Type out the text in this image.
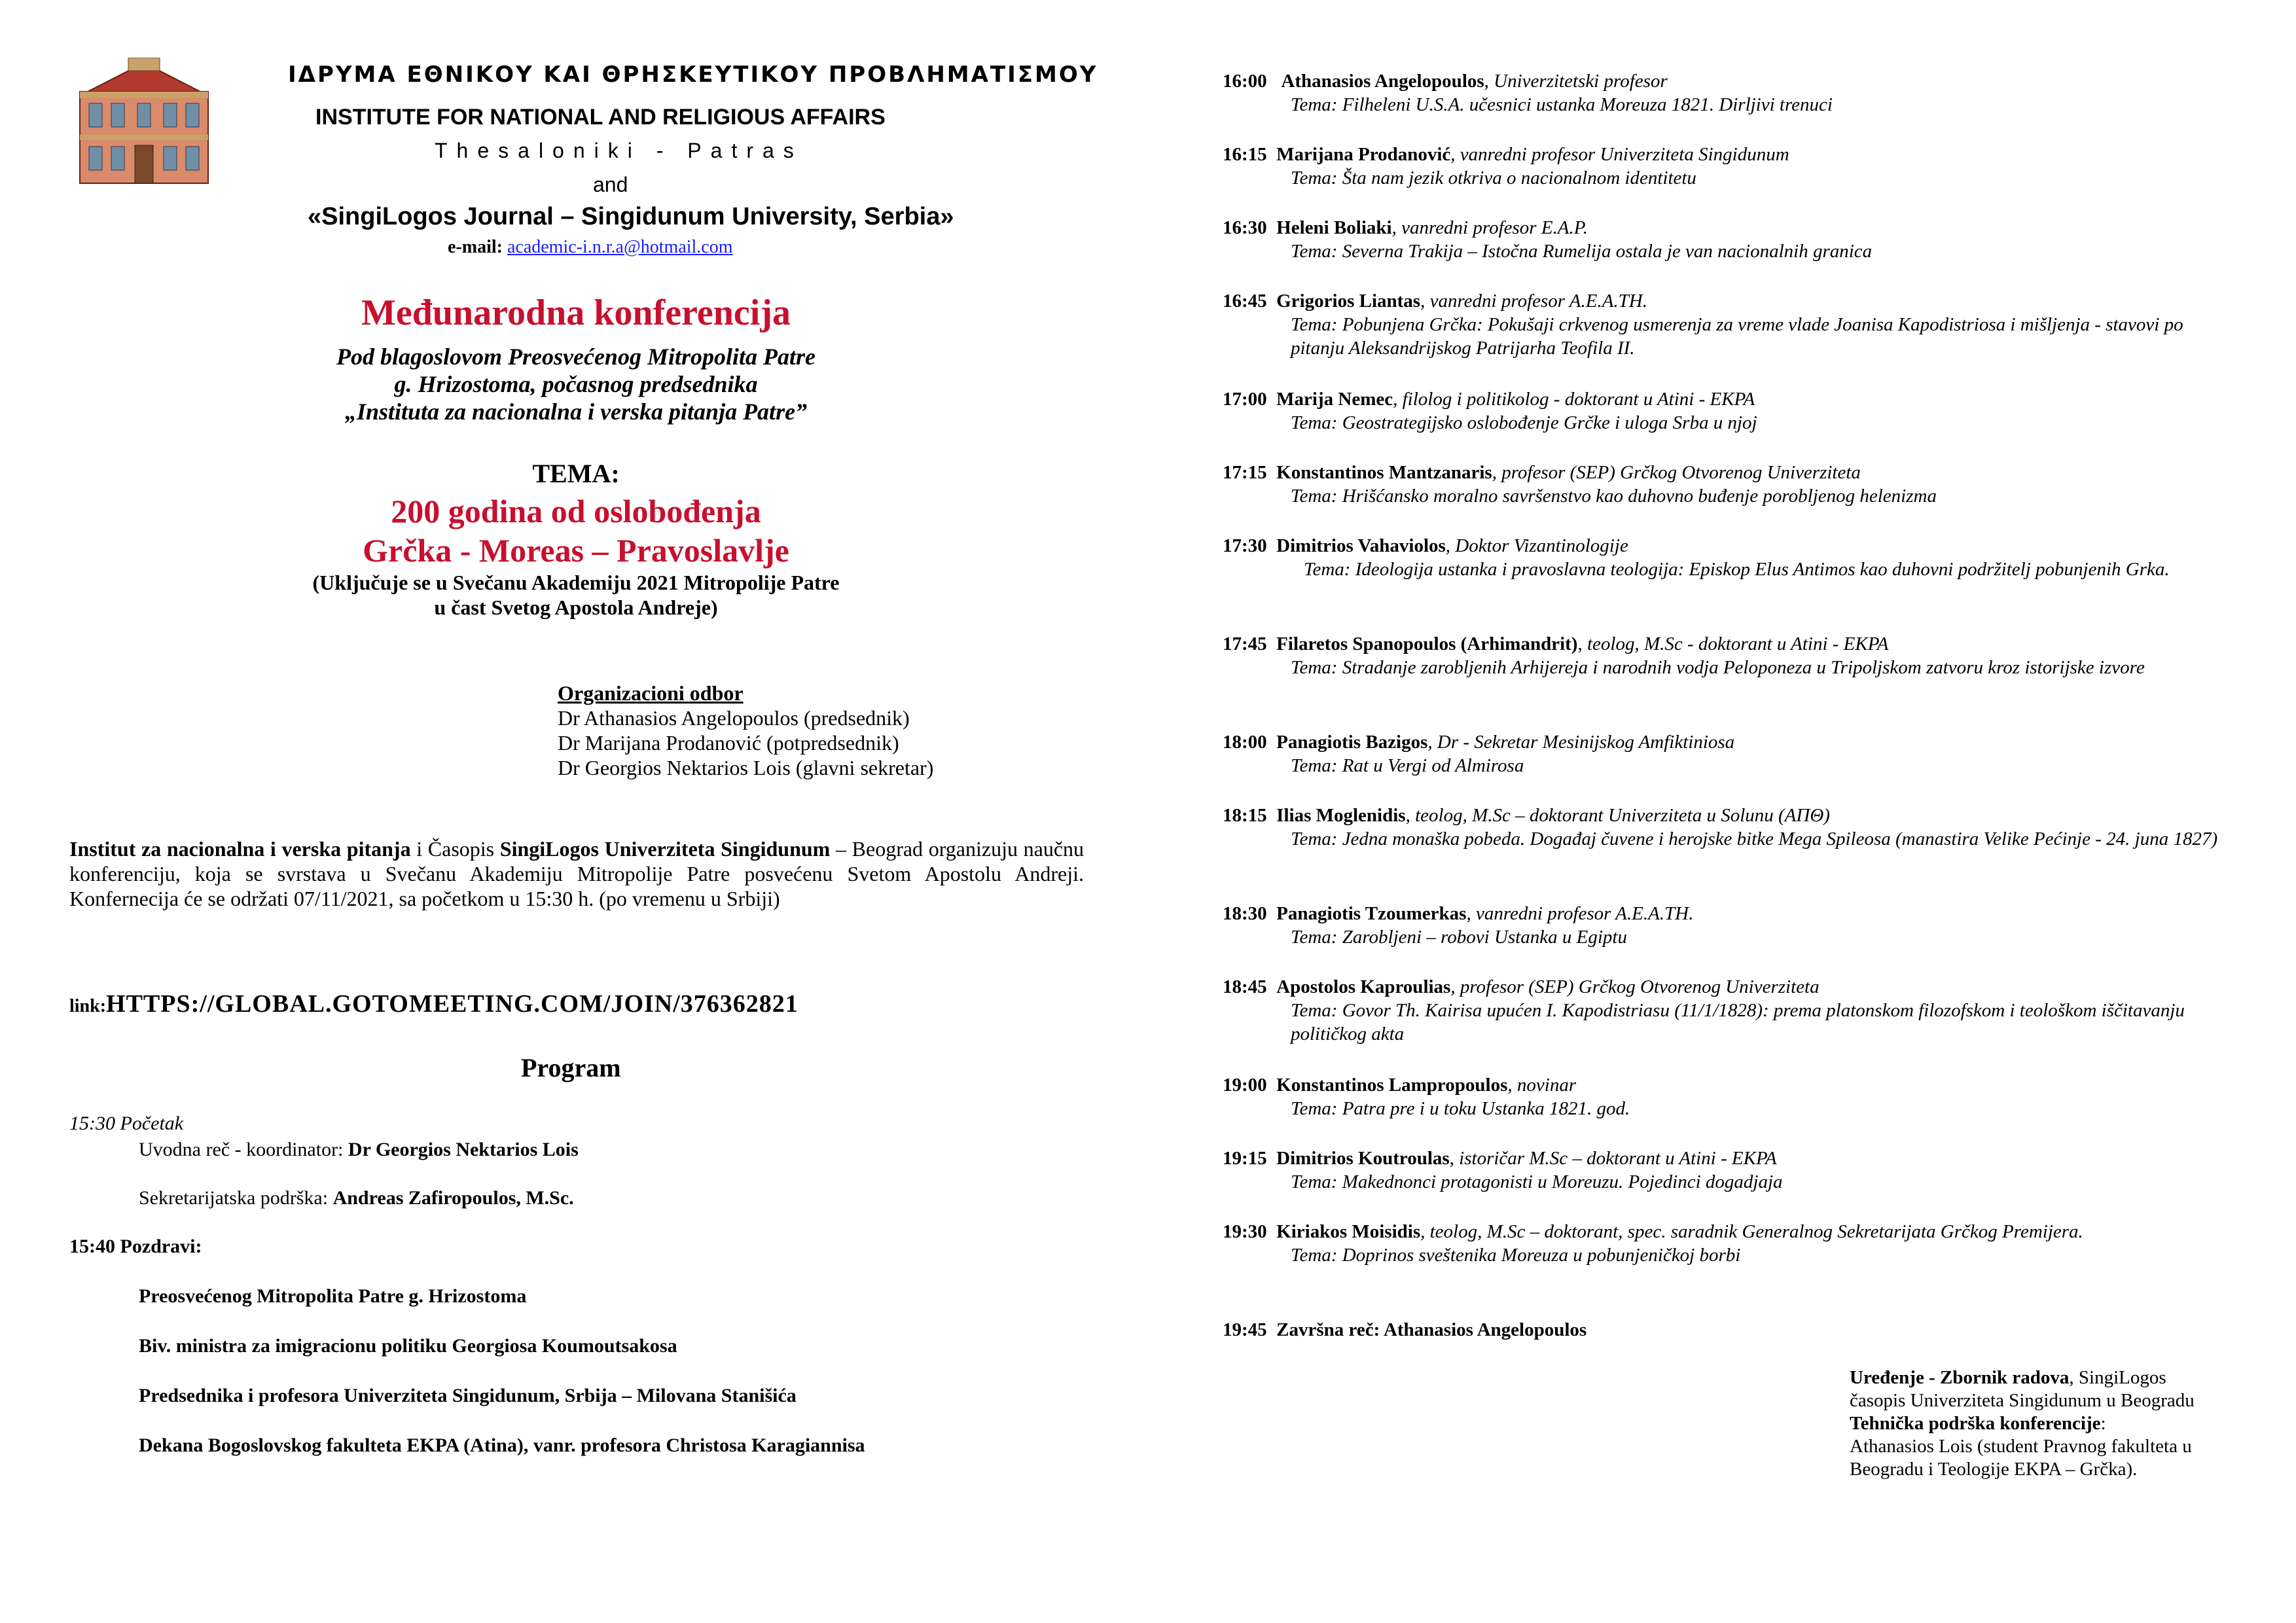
ΙΔΡΥΜΑ ΕΘΝΙΚΟΥ ΚΑΙ ΘΡΗΣΚΕΥΤΙΚΟΥ ΠΡΟΒΛΗΜΑΤΙΣΜΟΥ
INSTITUTE FOR NATIONAL AND RELIGIOUS AFFAIRS
Thesaloniki - Patras
and
«SingiLogos Journal – Singidunum University, Serbia»
e-mail: academic-i.n.r.a@hotmail.com
Međunarodna konferencija
Pod blagoslovom Preosvećenog Mitropolita Patre
g. Hrizostoma, počasnog predsednika
„Instituta za nacionalna i verska pitanja Patre”
TEMA:
200 godina od oslobođenja
Grčka - Moreas – Pravoslavlje
(Uključuje se u Svečanu Akademiju 2021 Mitropolije Patre
u čast Svetog Apostola Andreje)
Organizacioni odbor
Dr Athanasios Angelopoulos (predsednik)
Dr Marijana Prodanović (potpredsednik)
Dr Georgios Nektarios Lois (glavni sekretar)
Institut za nacionalna i verska pitanja i Časopis SingiLogos Univerziteta Singidunum – Beograd organizuju naučnu konferenciju, koja se svrstava u Svečanu Akademiju Mitropolije Patre posvećenu Svetom Apostolu Andreji. Konfernecija će se održati 07/11/2021, sa početkom u 15:30 h. (po vremenu u Srbiji)
link:HTTPS://GLOBAL.GOTOMEETING.COM/JOIN/376362821
Program
15:30 Početak
Uvodna reč - koordinator: Dr Georgios Nektarios Lois
Sekretarijatska podrška: Andreas Zafiropoulos, M.Sc.
15:40 Pozdravi:
Preosvećenog Mitropolita Patre g. Hrizostoma
Biv. ministra za imigracionu politiku Georgiosa Koumoutsakosa
Predsednika i profesora Univerziteta Singidunum, Srbija – Milovana Stanišića
Dekana Bogoslovskog fakulteta EKPA (Atina), vanr. profesora Christosa Karagiannisa
16:00 Athanasios Angelopoulos, Univerzitetski profesor
Tema: Filheleni U.S.A. učesnici ustanka Moreuza 1821. Dirljivi trenuci
16:15 Marijana Prodanović, vanredni profesor Univerziteta Singidunum
Tema: Šta nam jezik otkriva o nacionalnom identitetu
16:30 Heleni Boliaki, vanredni profesor E.A.P.
Tema: Severna Trakija – Istočna Rumelija ostala je van nacionalnih granica
16:45 Grigorios Liantas, vanredni profesor A.E.A.TH.
Tema: Pobunjena Grčka: Pokušaji crkvenog usmerenja za vreme vlade Joanisa Kapodistriosa i mišljenja - stavovi po pitanju Aleksandrijskog Patrijarha Teofila II.
17:00 Marija Nemec, filolog i politikolog - doktorant u Atini - EKPA
Tema: Geostrategijsko oslobođenje Grčke i uloga Srba u njoj
17:15 Konstantinos Mantzanaris, profesor (SEP) Grčkog Otvorenog Univerziteta
Tema: Hrišćansko moralno savršenstvo kao duhovno buđenje porobljenog helenizma
17:30 Dimitrios Vahaviolos, Doktor Vizantinologije
Tema: Ideologija ustanka i pravoslavna teologija: Episkop Elus Antimos kao duhovni podržitelj pobunjenih Grka.
17:45 Filaretos Spanopoulos (Arhimandrit), teolog, M.Sc - doktorant u Atini - EKPA
Tema: Stradanje zarobljenih Arhijereja i narodnih vodja Peloponeza u Tripoljskom zatvoru kroz istorijske izvore
18:00 Panagiotis Bazigos, Dr - Sekretar Mesinijskog Amfiktiniosa
Tema: Rat u Vergi od Almirosa
18:15 Ilias Moglenidis, teolog, M.Sc – doktorant Univerziteta u Solunu (ΑΠΘ)
Tema: Jedna monaška pobeda. Događaj čuvene i herojske bitke Mega Spileosa (manastira Velike Pećinje - 24. juna 1827)
18:30 Panagiotis Tzoumerkas, vanredni profesor A.E.A.TH.
Tema: Zarobljeni – robovi Ustanka u Egiptu
18:45 Apostolos Kaproulias, profesor (SEP) Grčkog Otvorenog Univerziteta
Tema: Govor Th. Kairisa upućen I. Kapodistriasu (11/1/1828): prema platonskom filozofskom i teološkom iščitavanju političkog akta
19:00 Konstantinos Lampropoulos, novinar
Tema: Patra pre i u toku Ustanka 1821. god.
19:15 Dimitrios Koutroulas, istoričar M.Sc – doktorant u Atini - EKPA
Tema: Makednonci protagonisti u Moreuzu. Pojedinci dogadjaja
19:30 Kiriakos Moisidis, teolog, M.Sc – doktorant, spec. saradnik Generalnog Sekretarijata Grčkog Premijera.
Tema: Doprinos sveštenika Moreuza u pobunjeničkoj borbi
19:45 Završna reč: Athanasios Angelopoulos
Uređenje - Zbornik radova, SingiLogos časopis Univerziteta Singidunum u Beogradu
Tehnička podrška konferencije:
Athanasios Lois (student Pravnog fakulteta u Beogradu i Teologije EKPA – Grčka).
